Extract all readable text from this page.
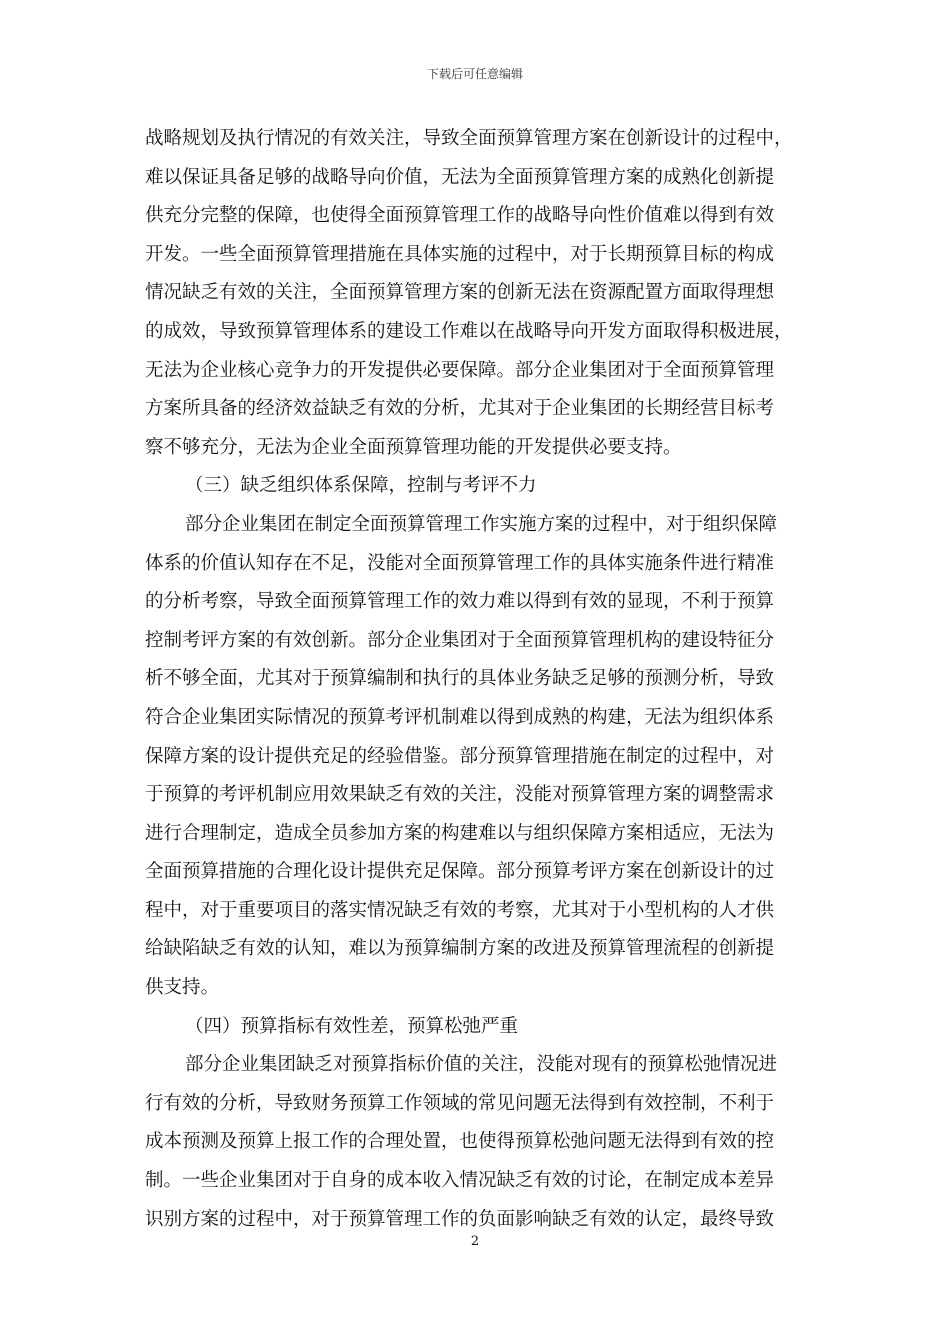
下载后可任意编辑
战略规划及执行情况的有效关注，导致全面预算管理方案在创新设计的过程中，
难以保证具备足够的战略导向价值，无法为全面预算管理方案的成熟化创新提
供充分完整的保障，也使得全面预算管理工作的战略导向性价值难以得到有效
开发。一些全面预算管理措施在具体实施的过程中，对于长期预算目标的构成
情况缺乏有效的关注，全面预算管理方案的创新无法在资源配置方面取得理想
的成效，导致预算管理体系的建设工作难以在战略导向开发方面取得积极进展，
无法为企业核心竞争力的开发提供必要保障。部分企业集团对于全面预算管理
方案所具备的经济效益缺乏有效的分析，尤其对于企业集团的长期经营目标考
察不够充分，无法为企业全面预算管理功能的开发提供必要支持。
（三）缺乏组织体系保障，控制与考评不力
部分企业集团在制定全面预算管理工作实施方案的过程中，对于组织保障
体系的价值认知存在不足，没能对全面预算管理工作的具体实施条件进行精准
的分析考察，导致全面预算管理工作的效力难以得到有效的显现，不利于预算
控制考评方案的有效创新。部分企业集团对于全面预算管理机构的建设特征分
析不够全面，尤其对于预算编制和执行的具体业务缺乏足够的预测分析，导致
符合企业集团实际情况的预算考评机制难以得到成熟的构建，无法为组织体系
保障方案的设计提供充足的经验借鉴。部分预算管理措施在制定的过程中，对
于预算的考评机制应用效果缺乏有效的关注，没能对预算管理方案的调整需求
进行合理制定，造成全员参加方案的构建难以与组织保障方案相适应，无法为
全面预算措施的合理化设计提供充足保障。部分预算考评方案在创新设计的过
程中，对于重要项目的落实情况缺乏有效的考察，尤其对于小型机构的人才供
给缺陷缺乏有效的认知，难以为预算编制方案的改进及预算管理流程的创新提
供支持。
（四）预算指标有效性差，预算松弛严重
部分企业集团缺乏对预算指标价值的关注，没能对现有的预算松弛情况进
行有效的分析，导致财务预算工作领域的常见问题无法得到有效控制，不利于
成本预测及预算上报工作的合理处置，也使得预算松弛问题无法得到有效的控
制。一些企业集团对于自身的成本收入情况缺乏有效的讨论，在制定成本差异
识别方案的过程中，对于预算管理工作的负面影响缺乏有效的认定，最终导致
2
